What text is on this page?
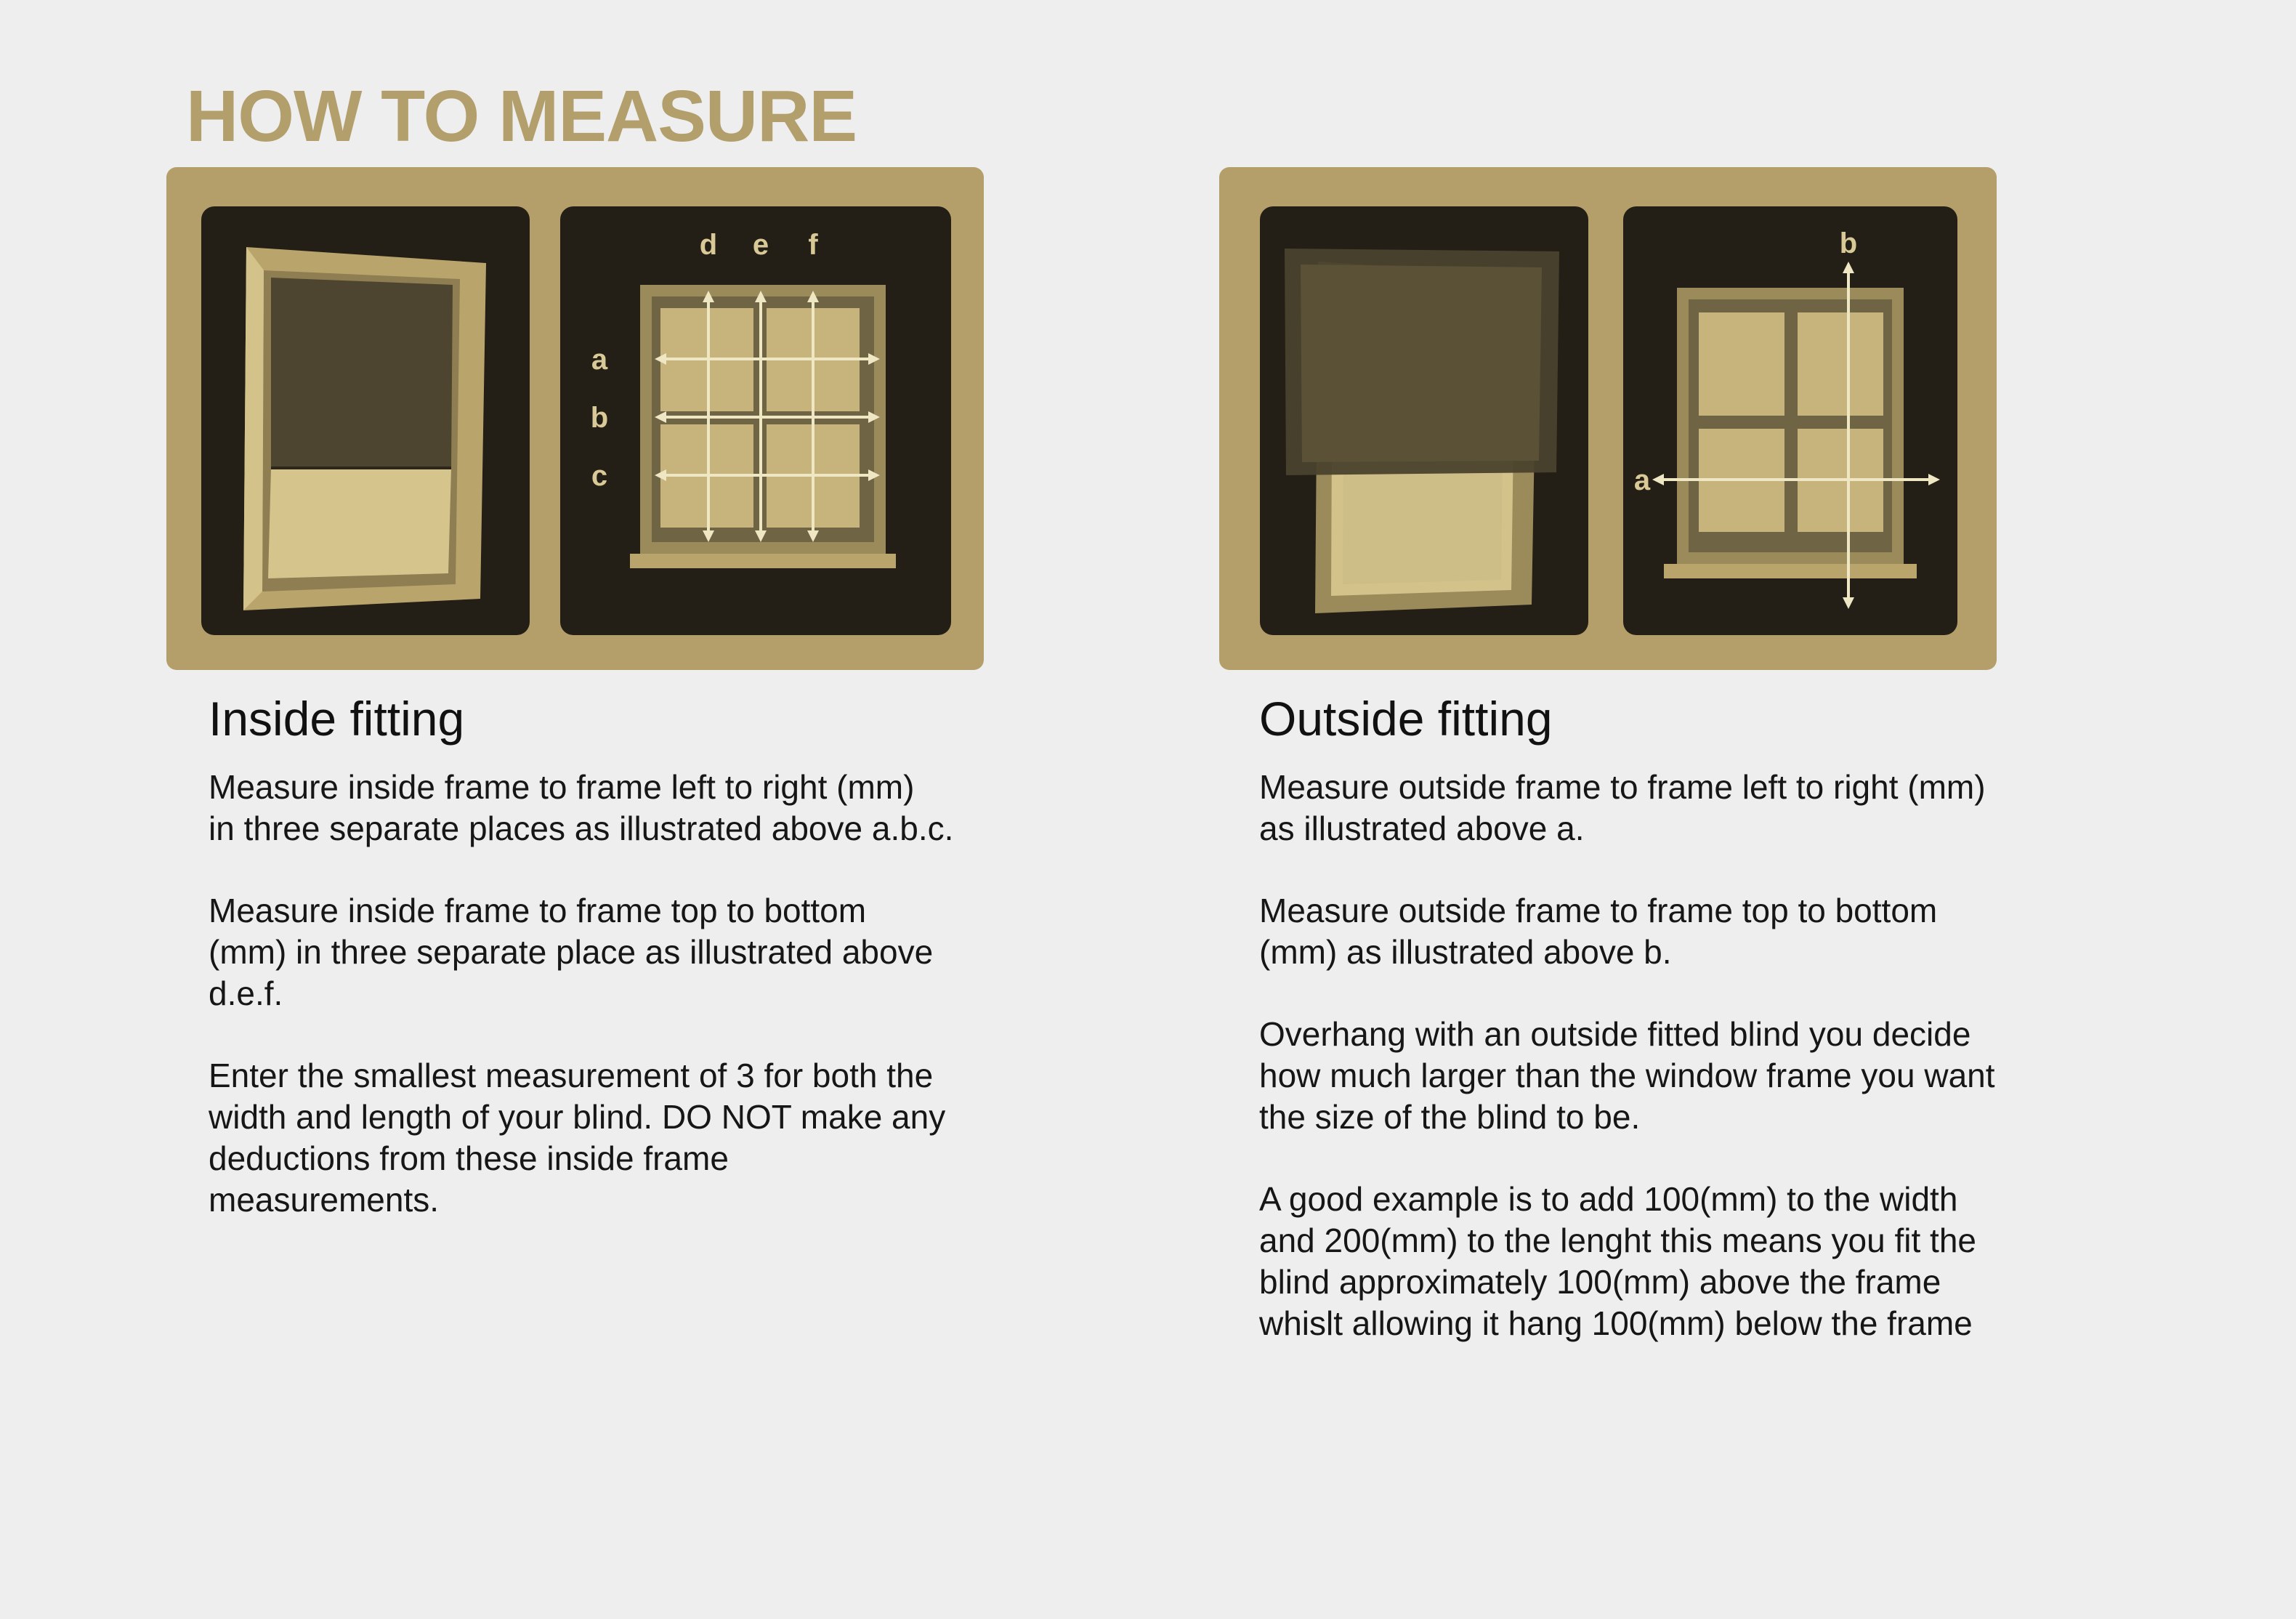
HOW TO MEASURE
a
b
c
d e f
a
b
Inside fitting

Measure inside frame to frame left to right (mm)
in three separate places as illustrated above a.b.c.

Measure inside frame to frame top to bottom
(mm) in three separate place as illustrated above
d.e.f.

Enter the smallest measurement of 3 for both the
width and length of your blind. DO NOT make any
deductions from these inside frame
measurements.

Outside fitting

Measure outside frame to frame left to right (mm)
as illustrated above a.

Measure outside frame to frame top to bottom
(mm) as illustrated above b.

Overhang with an outside fitted blind you decide
how much larger than the window frame you want
the size of the blind to be.

A good example is to add 100(mm) to the width
and 200(mm) to the lenght this means you fit the
blind approximately 100(mm) above the frame
whislt allowing it hang 100(mm) below the frame
